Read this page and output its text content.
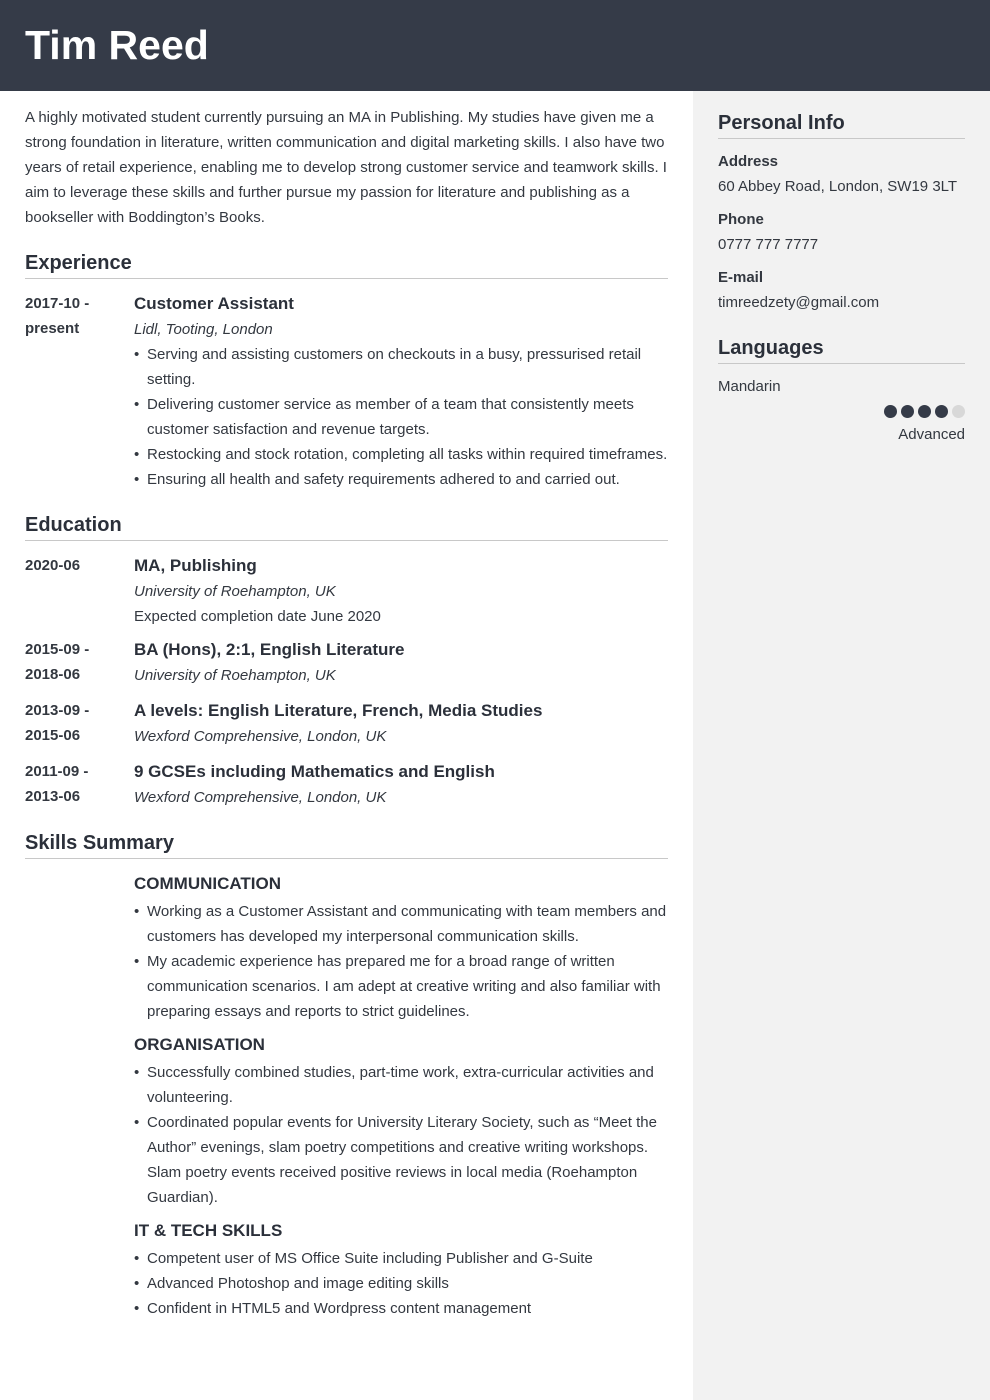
Tim Reed

A highly motivated student currently pursuing an MA in Publishing. My studies have given me a strong foundation in literature, written communication and digital marketing skills. I also have two years of retail experience, enabling me to develop strong customer service and teamwork skills. I aim to leverage these skills and further pursue my passion for literature and publishing as a bookseller with Boddington’s Books.

Experience
2017-10 -
present
Customer Assistant
Lidl, Tooting, London
• Serving and assisting customers on checkouts in a busy, pressurised retail setting.
• Delivering customer service as member of a team that consistently meets customer satisfaction and revenue targets.
• Restocking and stock rotation, completing all tasks within required timeframes.
• Ensuring all health and safety requirements adhered to and carried out.
Education
2020-06	MA, Publishing
University of Roehampton, UK
Expected completion date June 2020
2015-09 -
2018-06
BA (Hons), 2:1, English Literature
University of Roehampton, UK
2013-09 -
2015-06
A levels: English Literature, French, Media Studies
Wexford Comprehensive, London, UK
2011-09 -
2013-06
9 GCSEs including Mathematics and English
Wexford Comprehensive, London, UK
Skills Summary
COMMUNICATION
• Working as a Customer Assistant and communicating with team members and customers has developed my interpersonal communication skills.
• My academic experience has prepared me for a broad range of written communication scenarios. I am adept at creative writing and also familiar with preparing essays and reports to strict guidelines.
ORGANISATION
• Successfully combined studies, part-time work, extra-curricular activities and volunteering.
• Coordinated popular events for University Literary Society, such as “Meet the Author” evenings, slam poetry competitions and creative writing workshops. Slam poetry events received positive reviews in local media (Roehampton Guardian).
IT & TECH SKILLS
• Competent user of MS Office Suite including Publisher and G-Suite
• Advanced Photoshop and image editing skills
• Confident in HTML5 and Wordpress content management
Personal Info
Address
60 Abbey Road, London, SW19 3LT
Phone
0777 777 7777
E-mail
timreedzety@gmail.com
Languages
Mandarin
Advanced
